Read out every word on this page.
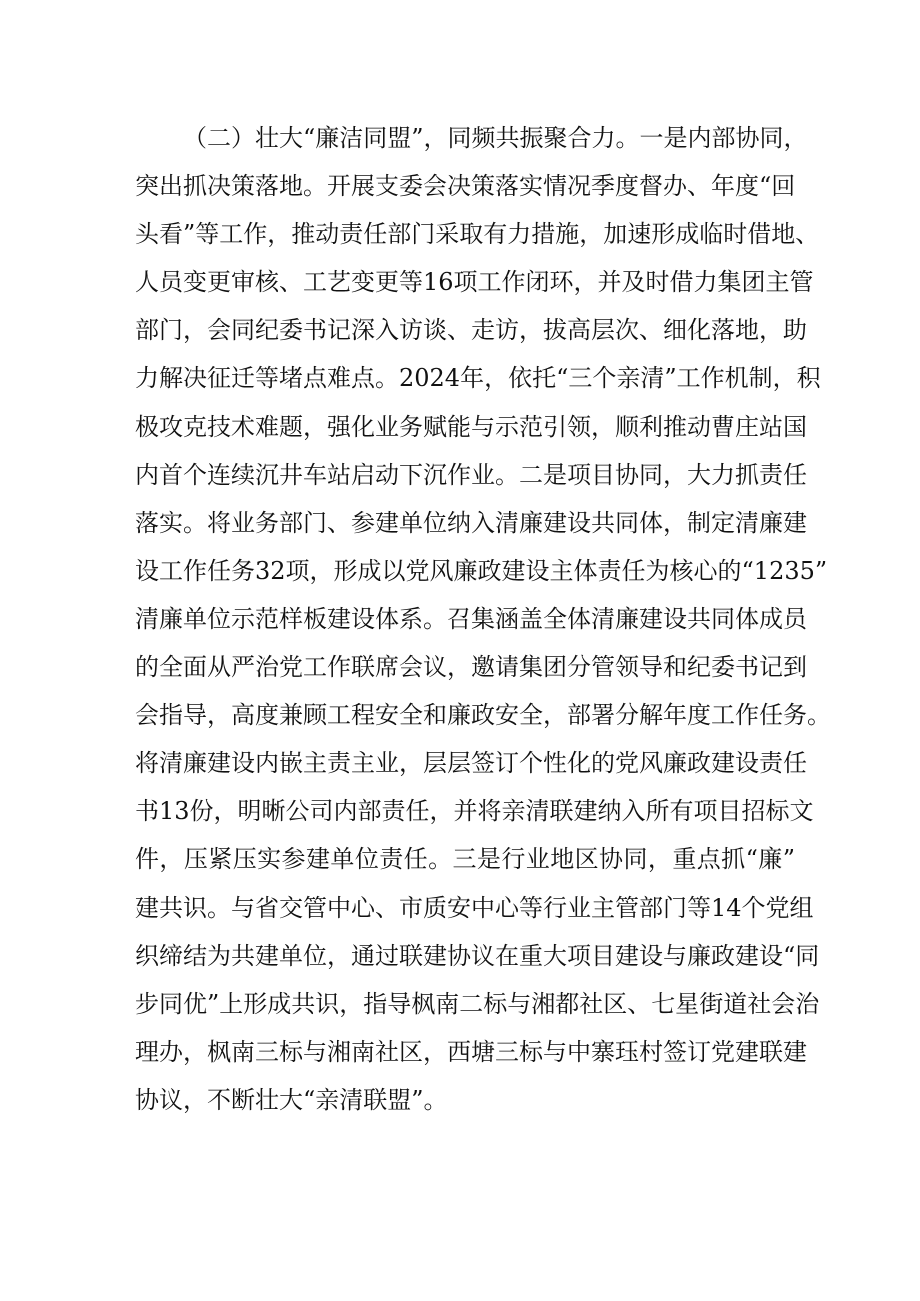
（二）壮大“廉洁同盟”，同频共振聚合力。一是内部协同，
突出抓决策落地。开展支委会决策落实情况季度督办、年度“回
头看”等工作，推动责任部门采取有力措施，加速形成临时借地、
人员变更审核、工艺变更等16项工作闭环，并及时借力集团主管
部门，会同纪委书记深入访谈、走访，拔高层次、细化落地，助
力解决征迁等堵点难点。2024年，依托“三个亲清”工作机制，积
极攻克技术难题，强化业务赋能与示范引领，顺利推动曹庄站国
内首个连续沉井车站启动下沉作业。二是项目协同，大力抓责任
落实。将业务部门、参建单位纳入清廉建设共同体，制定清廉建
设工作任务32项，形成以党风廉政建设主体责任为核心的“1235”
清廉单位示范样板建设体系。召集涵盖全体清廉建设共同体成员
的全面从严治党工作联席会议，邀请集团分管领导和纪委书记到
会指导，高度兼顾工程安全和廉政安全，部署分解年度工作任务。
将清廉建设内嵌主责主业，层层签订个性化的党风廉政建设责任
书13份，明晰公司内部责任，并将亲清联建纳入所有项目招标文
件，压紧压实参建单位责任。三是行业地区协同，重点抓“廉”
建共识。与省交管中心、市质安中心等行业主管部门等14个党组
织缔结为共建单位，通过联建协议在重大项目建设与廉政建设“同
步同优”上形成共识，指导枫南二标与湘都社区、七星街道社会治
理办，枫南三标与湘南社区，西塘三标与中寨珏村签订党建联建
协议，不断壮大“亲清联盟”。
